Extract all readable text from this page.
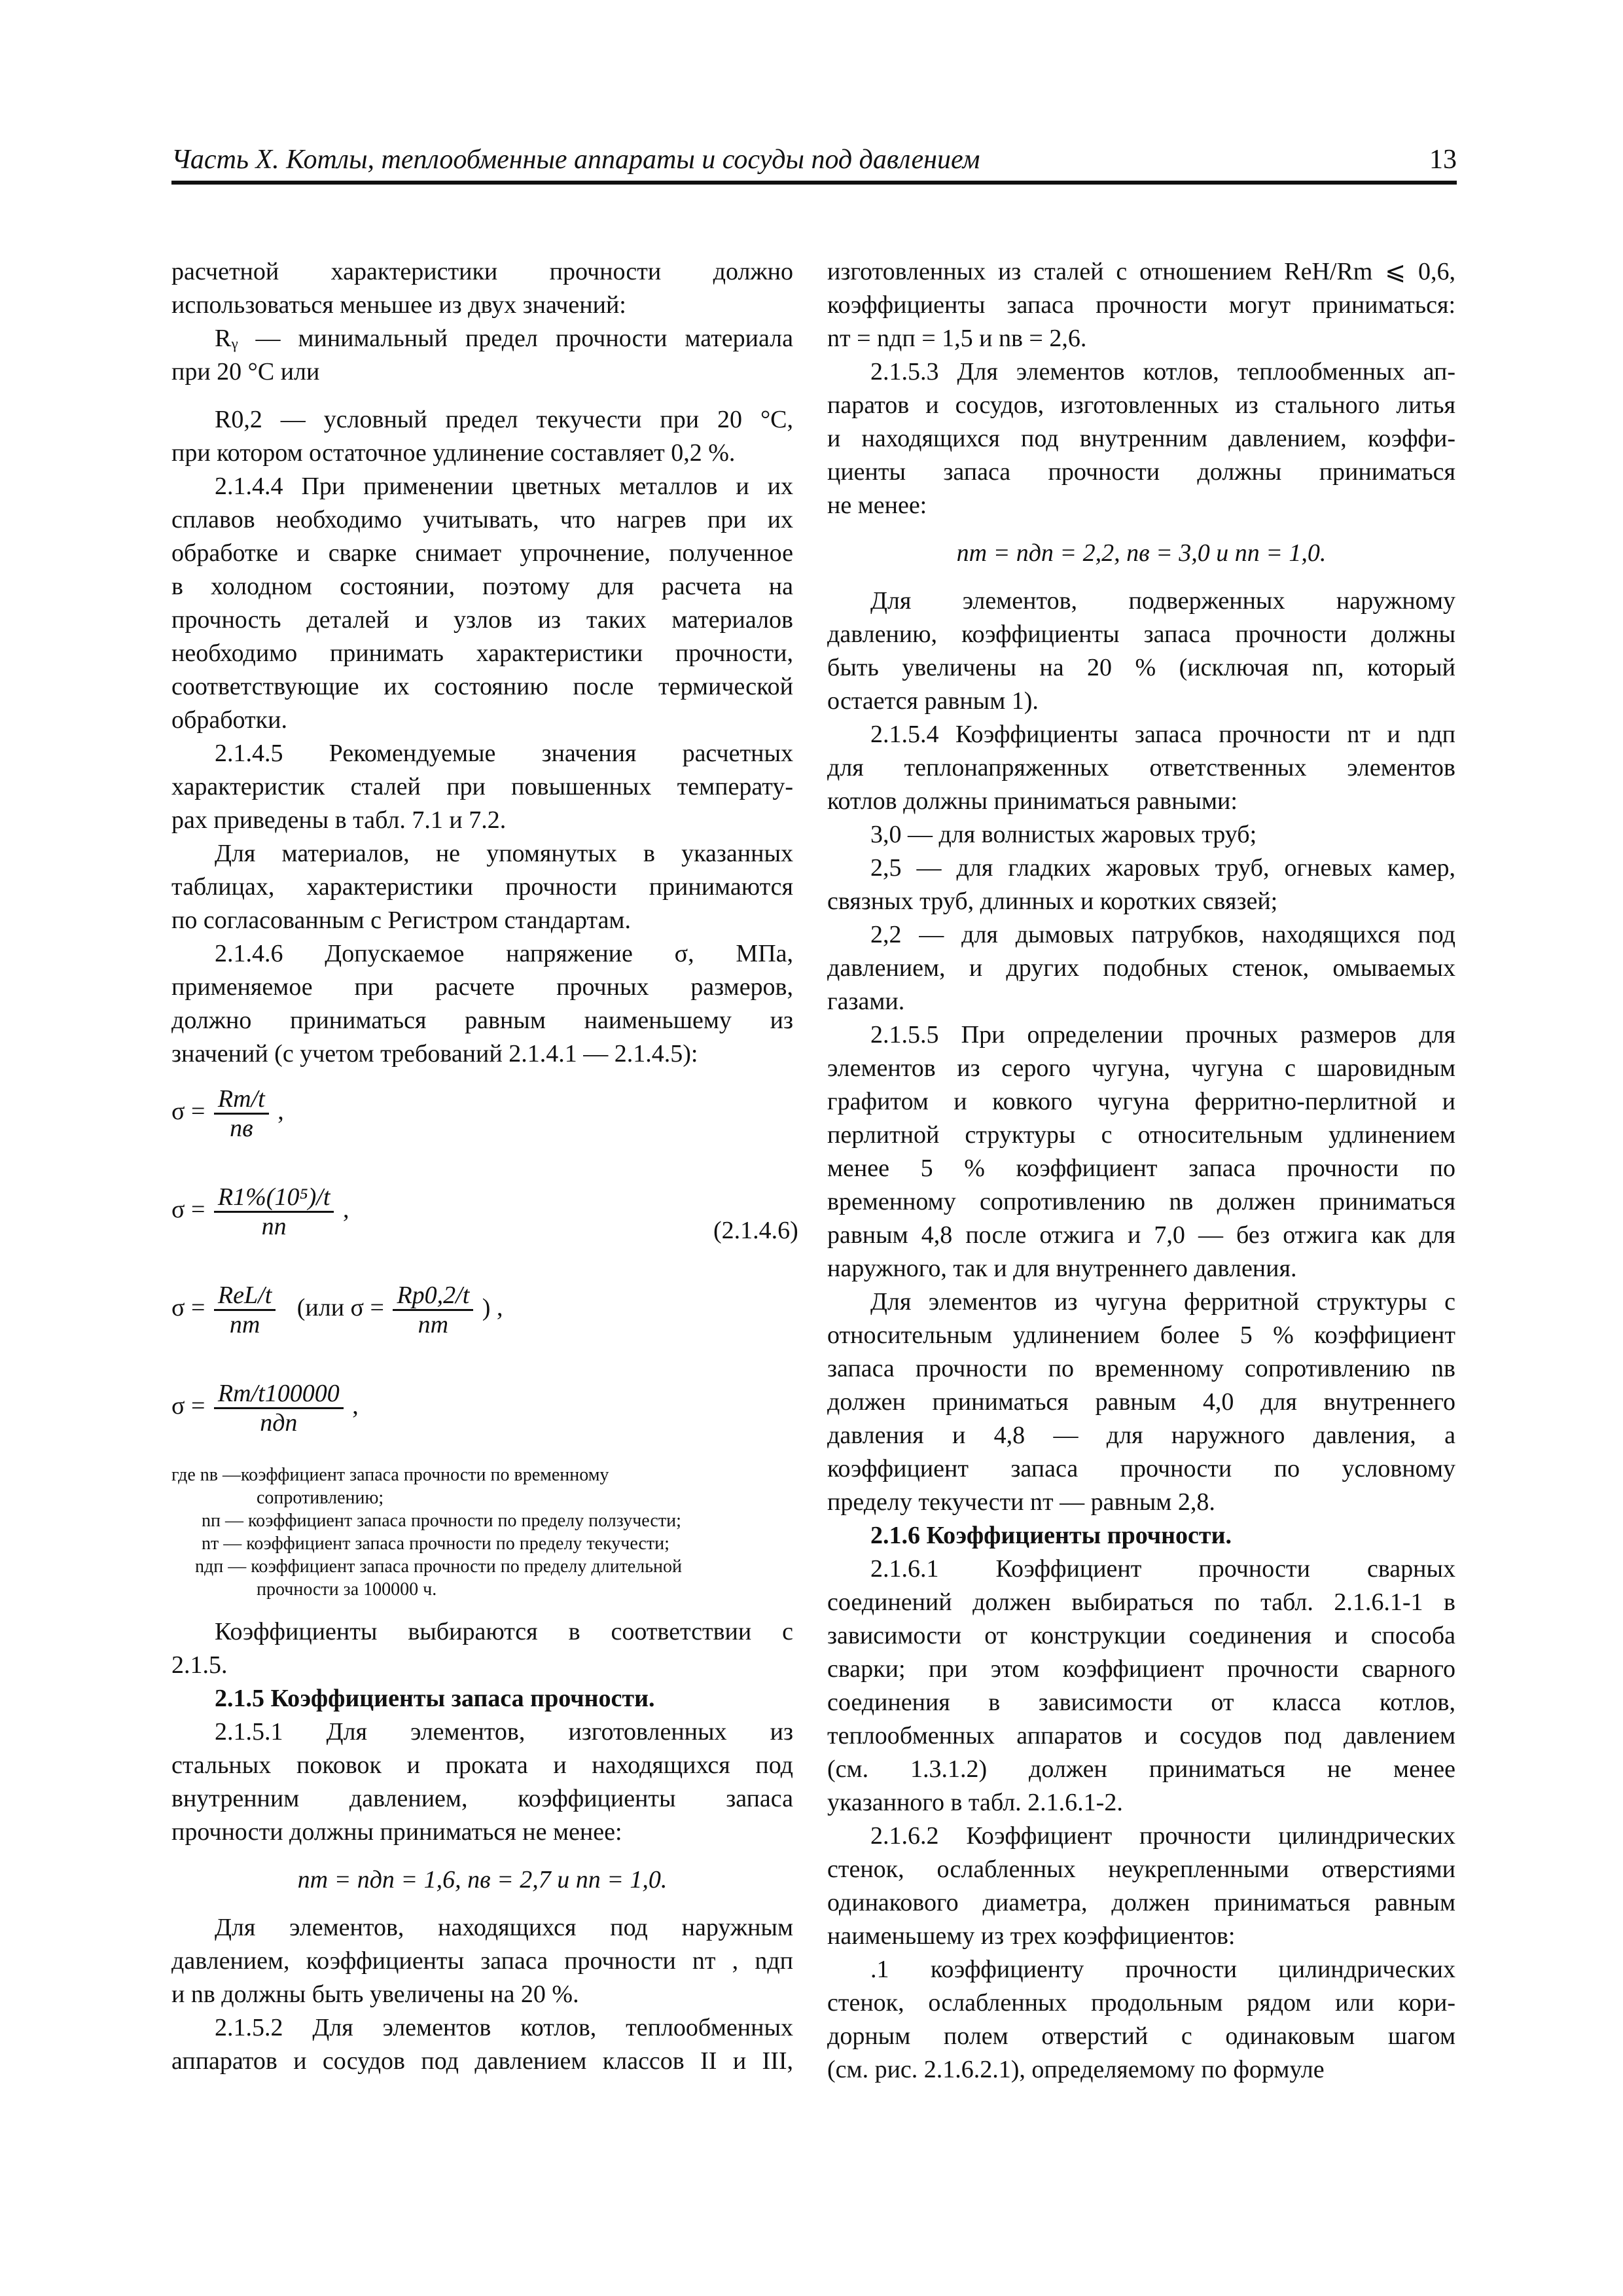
Часть X. Котлы, теплообменные аппараты и сосуды под давлением	13
расчетной характеристики прочности должно
использоваться меньшее из двух значений:
Rᵧ — минимальный предел прочности материала
при 20 °С или
R0,2 — условный предел текучести при 20 °С,
при котором остаточное удлинение составляет 0,2 %.
2.1.4.4 При применении цветных металлов и их
сплавов необходимо учитывать, что нагрев при их
обработке и сварке снимает упрочнение, полученное
в холодном состоянии, поэтому для расчета на
прочность деталей и узлов из таких материалов
необходимо принимать характеристики прочности,
соответствующие их состоянию после термической
обработки.
2.1.4.5 Рекомендуемые значения расчетных
характеристик сталей при повышенных температу-
рах приведены в табл. 7.1 и 7.2.
Для материалов, не упомянутых в указанных
таблицах, характеристики прочности принимаются
по согласованным с Регистром стандартам.
2.1.4.6 Допускаемое напряжение σ, МПа,
применяемое при расчете прочных размеров,
должно приниматься равным наименьшему из
значений (с учетом требований 2.1.4.1 — 2.1.4.5):
$\sigma = \frac{Rm/t}{nв}$ ,
$\sigma = \frac{\text{R1\%(10⁵)/t}}{nn}$ ,
$\sigma = \frac{\text{ReL/t}}{nт} (или$ $\sigma = \frac{Rp0,2/t}{nт}$ ) ,
$\sigma = \frac{Rm/t100000}{\text{nдп}}$ ,
где nв —коэффициент запаса прочности по временному
сопротивлению;
nп — коэффициент запаса прочности по пределу ползучести;
nт — коэффициент запаса прочности по пределу текучести;
nдп — коэффициент запаса прочности по пределу длительной
прочности за 100000 ч.
Коэффициенты выбираются в соответствии с
2.1.5.
2.1.5 Коэффициенты запаса прочности.
2.1.5.1 Для элементов, изготовленных из
стальных поковок и проката и находящихся под
внутренним давлением, коэффициенты запаса
прочности должны приниматься не менее:
nт = nдп = 1,6, nв = 2,7 и nп = 1,0.
Для элементов, находящихся под наружным
давлением, коэффициенты запаса прочности nт , nдп
и nв должны быть увеличены на 20 %.
2.1.5.2 Для элементов котлов, теплообменных
аппаратов и сосудов под давлением классов II и III,
(2.1.4.6)
изготовленных из сталей с отношением ReH/Rm ⩽ 0,6,
коэффициенты запаса прочности могут приниматься:
nт = nдп = 1,5 и nв = 2,6.
2.1.5.3 Для элементов котлов, теплообменных ап-
паратов и сосудов, изготовленных из стального литья
и находящихся под внутренним давлением, коэффи-
циенты запаса прочности должны приниматься
не менее:
nт = nдп = 2,2, nв = 3,0 и nп = 1,0.
Для элементов, подверженных наружному
давлению, коэффициенты запаса прочности должны
быть увеличены на 20 % (исключая nп, который
остается равным 1).
2.1.5.4 Коэффициенты запаса прочности nт и nдп
для теплонапряженных ответственных элементов
котлов должны приниматься равными:
3,0 — для волнистых жаровых труб;
2,5 — для гладких жаровых труб, огневых камер,
связных труб, длинных и коротких связей;
2,2 — для дымовых патрубков, находящихся под
давлением, и других подобных стенок, омываемых
газами.
2.1.5.5 При определении прочных размеров для
элементов из серого чугуна, чугуна с шаровидным
графитом и ковкого чугуна ферритно-перлитной и
перлитной структуры с относительным удлинением
менее 5 % коэффициент запаса прочности по
временному сопротивлению nв должен приниматься
равным 4,8 после отжига и 7,0 — без отжига как для
наружного, так и для внутреннего давления.
Для элементов из чугуна ферритной структуры с
относительным удлинением более 5 % коэффициент
запаса прочности по временному сопротивлению nв
должен приниматься равным 4,0 для внутреннего
давления и 4,8 — для наружного давления, а
коэффициент запаса прочности по условному
пределу текучести nт — равным 2,8.
2.1.6 Коэффициенты прочности.
2.1.6.1 Коэффициент прочности сварных
соединений должен выбираться по табл. 2.1.6.1-1 в
зависимости от конструкции соединения и способа
сварки; при этом коэффициент прочности сварного
соединения в зависимости от класса котлов,
теплообменных аппаратов и сосудов под давлением
(см. 1.3.1.2) должен приниматься не менее
указанного в табл. 2.1.6.1-2.
2.1.6.2 Коэффициент прочности цилиндрических
стенок, ослабленных неукрепленными отверстиями
одинакового диаметра, должен приниматься равным
наименьшему из трех коэффициентов:
.1 коэффициенту прочности цилиндрических
стенок, ослабленных продольным рядом или кори-
дорным полем отверстий с одинаковым шагом
(см. рис. 2.1.6.2.1), определяемому по формуле
